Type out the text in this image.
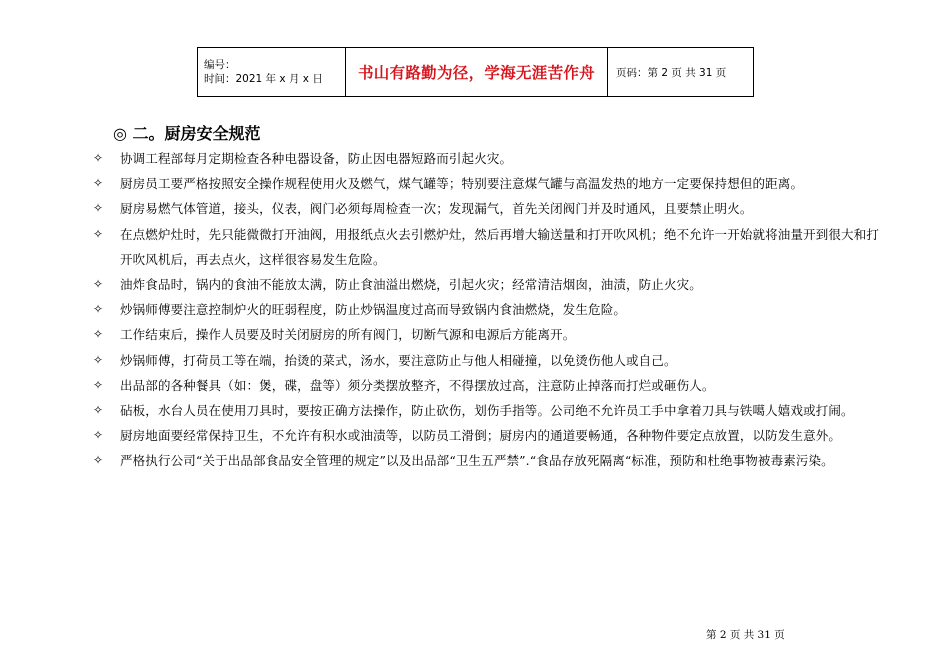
编号：
时间：2021 年 x 月 x 日	书山有路勤为径，学海无涯苦作舟	页码：第 2 页 共 31 页
◎ 二。厨房安全规范
✧ 协调工程部每月定期检查各种电器设备，防止因电器短路而引起火灾。
✧ 厨房员工要严格按照安全操作规程使用火及燃气，煤气罐等；特别要注意煤气罐与高温发热的地方一定要保持想但的距离。
✧ 厨房易燃气体管道，接头，仪表，阀门必须每周检查一次；发现漏气，首先关闭阀门并及时通风，且要禁止明火。
✧ 在点燃炉灶时，先只能微微打开油阀，用报纸点火去引燃炉灶，然后再增大输送量和打开吹风机；绝不允许一开始就将油量开到很大和打开吹风机后，再去点火，这样很容易发生危险。
✧ 油炸食品时，锅内的食油不能放太满，防止食油溢出燃烧，引起火灾；经常清洁烟囱，油渍，防止火灾。
✧ 炒锅师傅要注意控制炉火的旺弱程度，防止炒锅温度过高而导致锅内食油燃烧，发生危险。
✧ 工作结束后，操作人员要及时关闭厨房的所有阀门，切断气源和电源后方能离开。
✧ 炒锅师傅，打荷员工等在端，抬烫的菜式，汤水，要注意防止与他人相碰撞，以免烫伤他人或自己。
✧ 出品部的各种餐具（如：煲，碟，盘等）须分类摆放整齐，不得摆放过高，注意防止掉落而打烂或砸伤人。
✧ 砧板，水台人员在使用刀具时，要按正确方法操作，防止砍伤，划伤手指等。公司绝不允许员工手中拿着刀具与铁噶人嬉戏或打闹。
✧ 厨房地面要经常保持卫生，不允许有积水或油渍等，以防员工滑倒；厨房内的通道要畅通，各种物件要定点放置，以防发生意外。
✧ 严格执行公司“关于出品部食品安全管理的规定”以及出品部“卫生五严禁”.“食品存放死隔离“标准，预防和杜绝事物被毒素污染。
第 2 页 共 31 页
